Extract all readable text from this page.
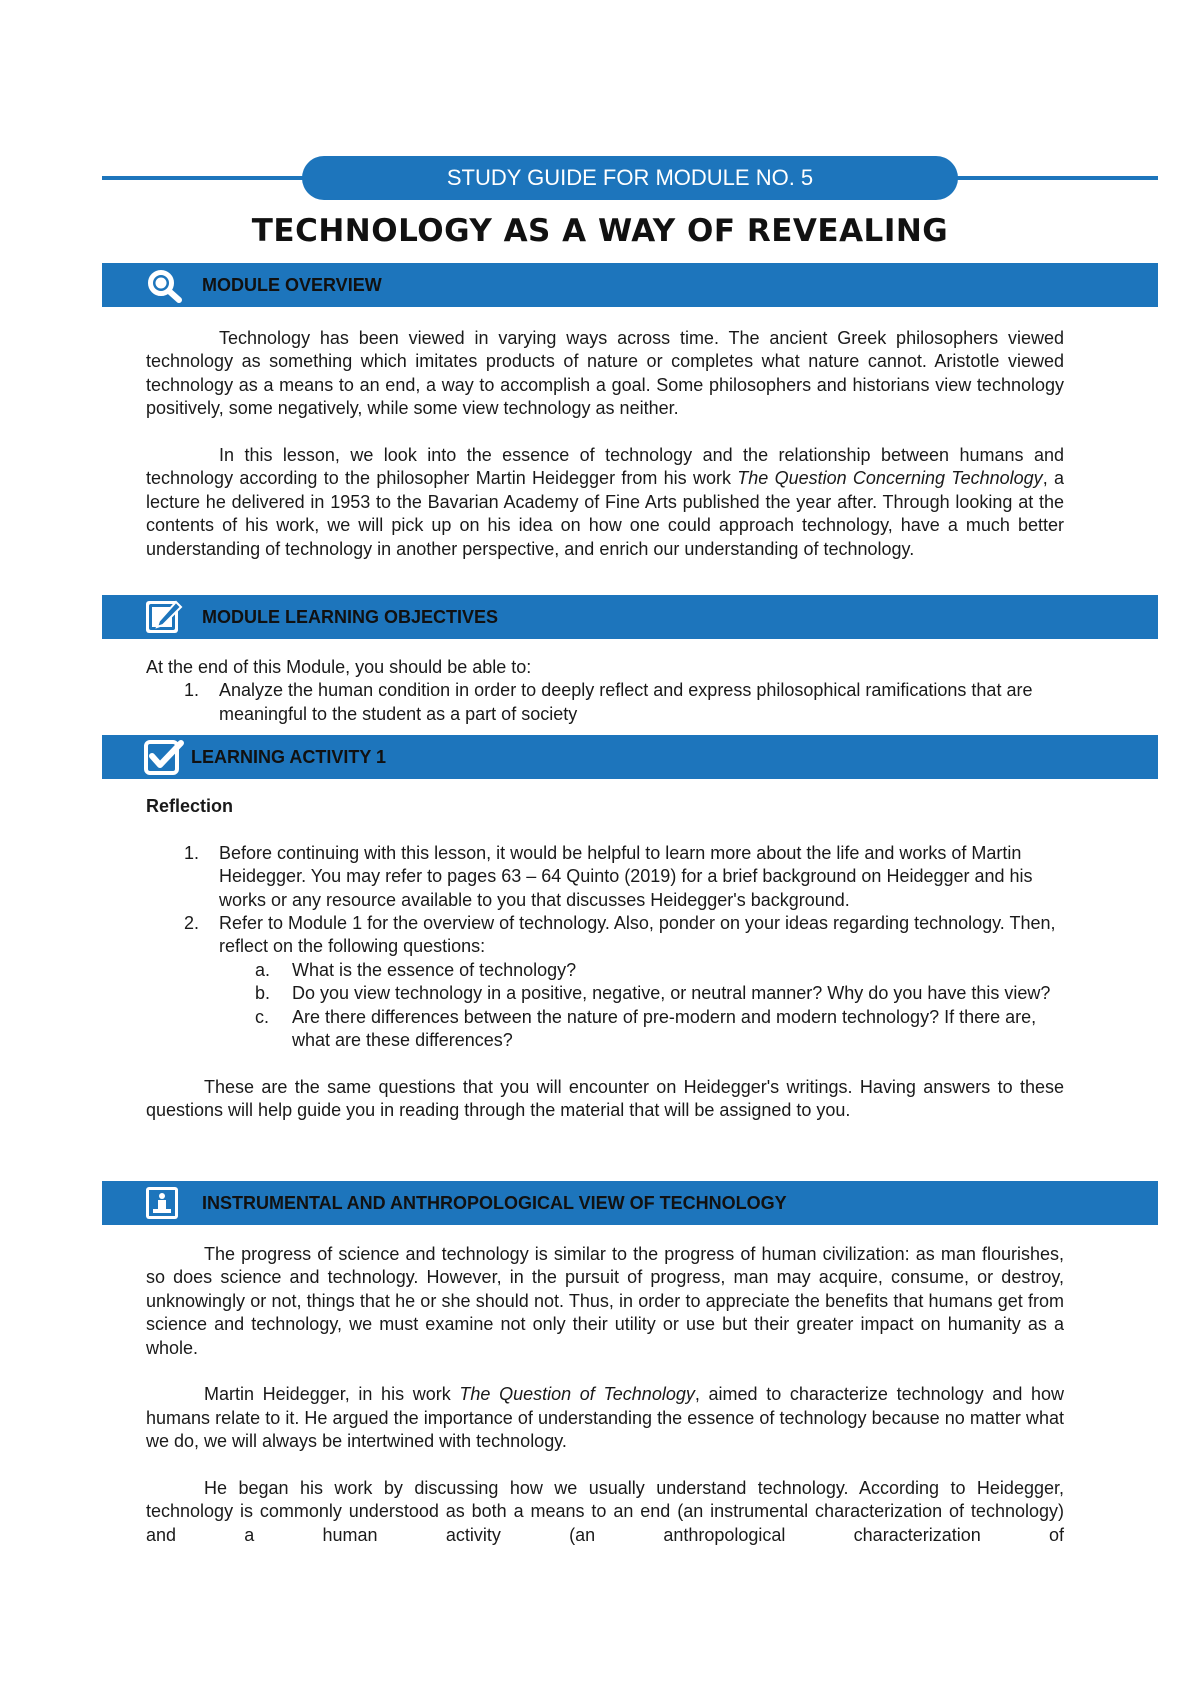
STUDY GUIDE FOR MODULE NO. 5
TECHNOLOGY AS A WAY OF REVEALING
MODULE OVERVIEW

Technology has been viewed in varying ways across time. The ancient Greek philosophers viewed technology as something which imitates products of nature or completes what nature cannot. Aristotle viewed technology as a means to an end, a way to accomplish a goal. Some philosophers and historians view technology positively, some negatively, while some view technology as neither.

In this lesson, we look into the essence of technology and the relationship between humans and technology according to the philosopher Martin Heidegger from his work The Question Concerning Technology, a lecture he delivered in 1953 to the Bavarian Academy of Fine Arts published the year after. Through looking at the contents of his work, we will pick up on his idea on how one could approach technology, have a much better understanding of technology in another perspective, and enrich our understanding of technology.

MODULE LEARNING OBJECTIVES

At the end of this Module, you should be able to:

1. Analyze the human condition in order to deeply reflect and express philosophical ramifications that are meaningful to the student as a part of society
LEARNING ACTIVITY 1

Reflection

1. Before continuing with this lesson, it would be helpful to learn more about the life and works of Martin Heidegger. You may refer to pages 63 – 64 Quinto (2019) for a brief background on Heidegger and his works or any resource available to you that discusses Heidegger's background.
2. Refer to Module 1 for the overview of technology. Also, ponder on your ideas regarding technology. Then, reflect on the following questions:
a. What is the essence of technology?
b. Do you view technology in a positive, negative, or neutral manner? Why do you have this view?
c. Are there differences between the nature of pre-modern and modern technology? If there are, what are these differences?

These are the same questions that you will encounter on Heidegger's writings. Having answers to these questions will help guide you in reading through the material that will be assigned to you.

INSTRUMENTAL AND ANTHROPOLOGICAL VIEW OF TECHNOLOGY

The progress of science and technology is similar to the progress of human civilization: as man flourishes, so does science and technology. However, in the pursuit of progress, man may acquire, consume, or destroy, unknowingly or not, things that he or she should not. Thus, in order to appreciate the benefits that humans get from science and technology, we must examine not only their utility or use but their greater impact on humanity as a whole.

Martin Heidegger, in his work The Question of Technology, aimed to characterize technology and how humans relate to it. He argued the importance of understanding the essence of technology because no matter what we do, we will always be intertwined with technology.

He began his work by discussing how we usually understand technology. According to Heidegger, technology is commonly understood as both a means to an end (an instrumental characterization of technology) and a human activity (an anthropological characterization of
